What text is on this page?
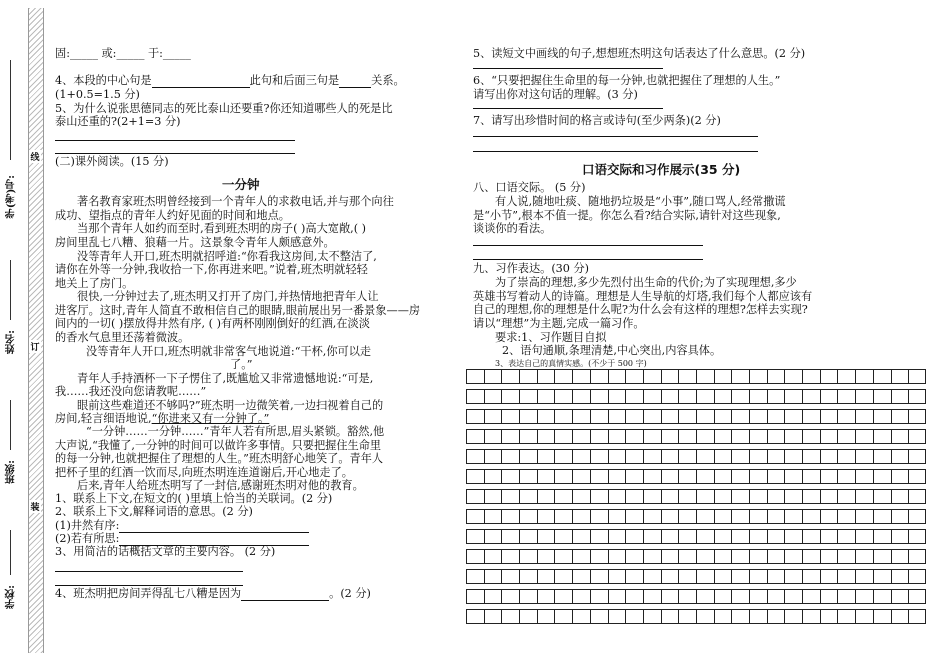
线
订
装
学(考)号:
姓名:
班级:
学校:
固:_____ 或:_____ 于:_____
4、本段的中心句是	此句和后面三句是	关系。
(1+0.5=1.5 分)
5、为什么说张思德同志的死比泰山还要重?你还知道哪些人的死是比
泰山还重的?(2+1=3 分)
(二)课外阅读。(15 分)
一分钟
著名教育家班杰明曾经接到一个青年人的求救电话,并与那个向往
成功、望指点的青年人约好见面的时间和地点。
当那个青年人如约而至时,看到班杰明的房子( )高大宽敞,( )
房间里乱七八糟、狼藉一片。这景象令青年人颇感意外。
没等青年人开口,班杰明就招呼道:“你看我这房间,太不整洁了,
请你在外等一分钟,我收拾一下,你再进来吧。”说着,班杰明就轻轻
地关上了房门。
很快,一分钟过去了,班杰明又打开了房门,并热情地把青年人让
进客厅。这时,青年人简直不敢相信自己的眼睛,眼前展出另一番景象——房
间内的一切( )摆放得井然有序, ( )有两杯刚刚倒好的红酒,在淡淡
的香水气息里还荡着微波。
没等青年人开口,班杰明就非常客气地说道:“干杯,你可以走
了。”
青年人手持酒杯一下子愣住了,既尴尬又非常遗憾地说:“可是,
我……我还没向您请教呢……”
眼前这些难道还不够吗?”班杰明一边微笑着,一边扫视着自己的
房间,轻言细语地说,“你进来又有一分钟了。”
“一分钟……一分钟……”青年人若有所思,眉头紧锁。豁然,他
大声说,“我懂了,一分钟的时间可以做许多事情。只要把握住生命里
的每一分钟,也就把握住了理想的人生。”班杰明舒心地笑了。青年人
把杯子里的红酒一饮而尽,向班杰明连连道谢后,开心地走了。
后来,青年人给班杰明写了一封信,感谢班杰明对他的教育。
1、联系上下文,在短文的( )里填上恰当的关联词。(2 分)
2、联系上下文,解释词语的意思。(2 分)
(1)井然有序:
(2)若有所思:
3、用简洁的话概括文章的主要内容。 (2 分)
4、班杰明把房间弄得乱七八糟是因为	。(2 分)
5、读短文中画线的句子,想想班杰明这句话表达了什么意思。(2 分)
6、“只要把握住生命里的每一分钟,也就把握住了理想的人生。”
请写出你对这句话的理解。(3 分)
7、请写出珍惜时间的格言或诗句(至少两条)(2 分)
口语交际和习作展示(35 分)
八、口语交际。 (5 分)
有人说,随地吐痰、随地扔垃圾是“小事”,随口骂人,经常撒谎
是“小节”,根本不值一提。你怎么看?结合实际,请针对这些现象,
谈谈你的看法。
九、习作表达。(30 分)
为了崇高的理想,多少先烈付出生命的代价;为了实现理想,多少
英雄书写着动人的诗篇。理想是人生导航的灯塔,我们每个人都应该有
自己的理想,你的理想是什么呢?为什么会有这样的理想?怎样去实现?
请以“理想”为主题,完成一篇习作。
要求:1、习作题目自拟
2、语句通顺,条理清楚,中心突出,内容具体。
3、表达自己的真情实感。(不少于 500 字)
